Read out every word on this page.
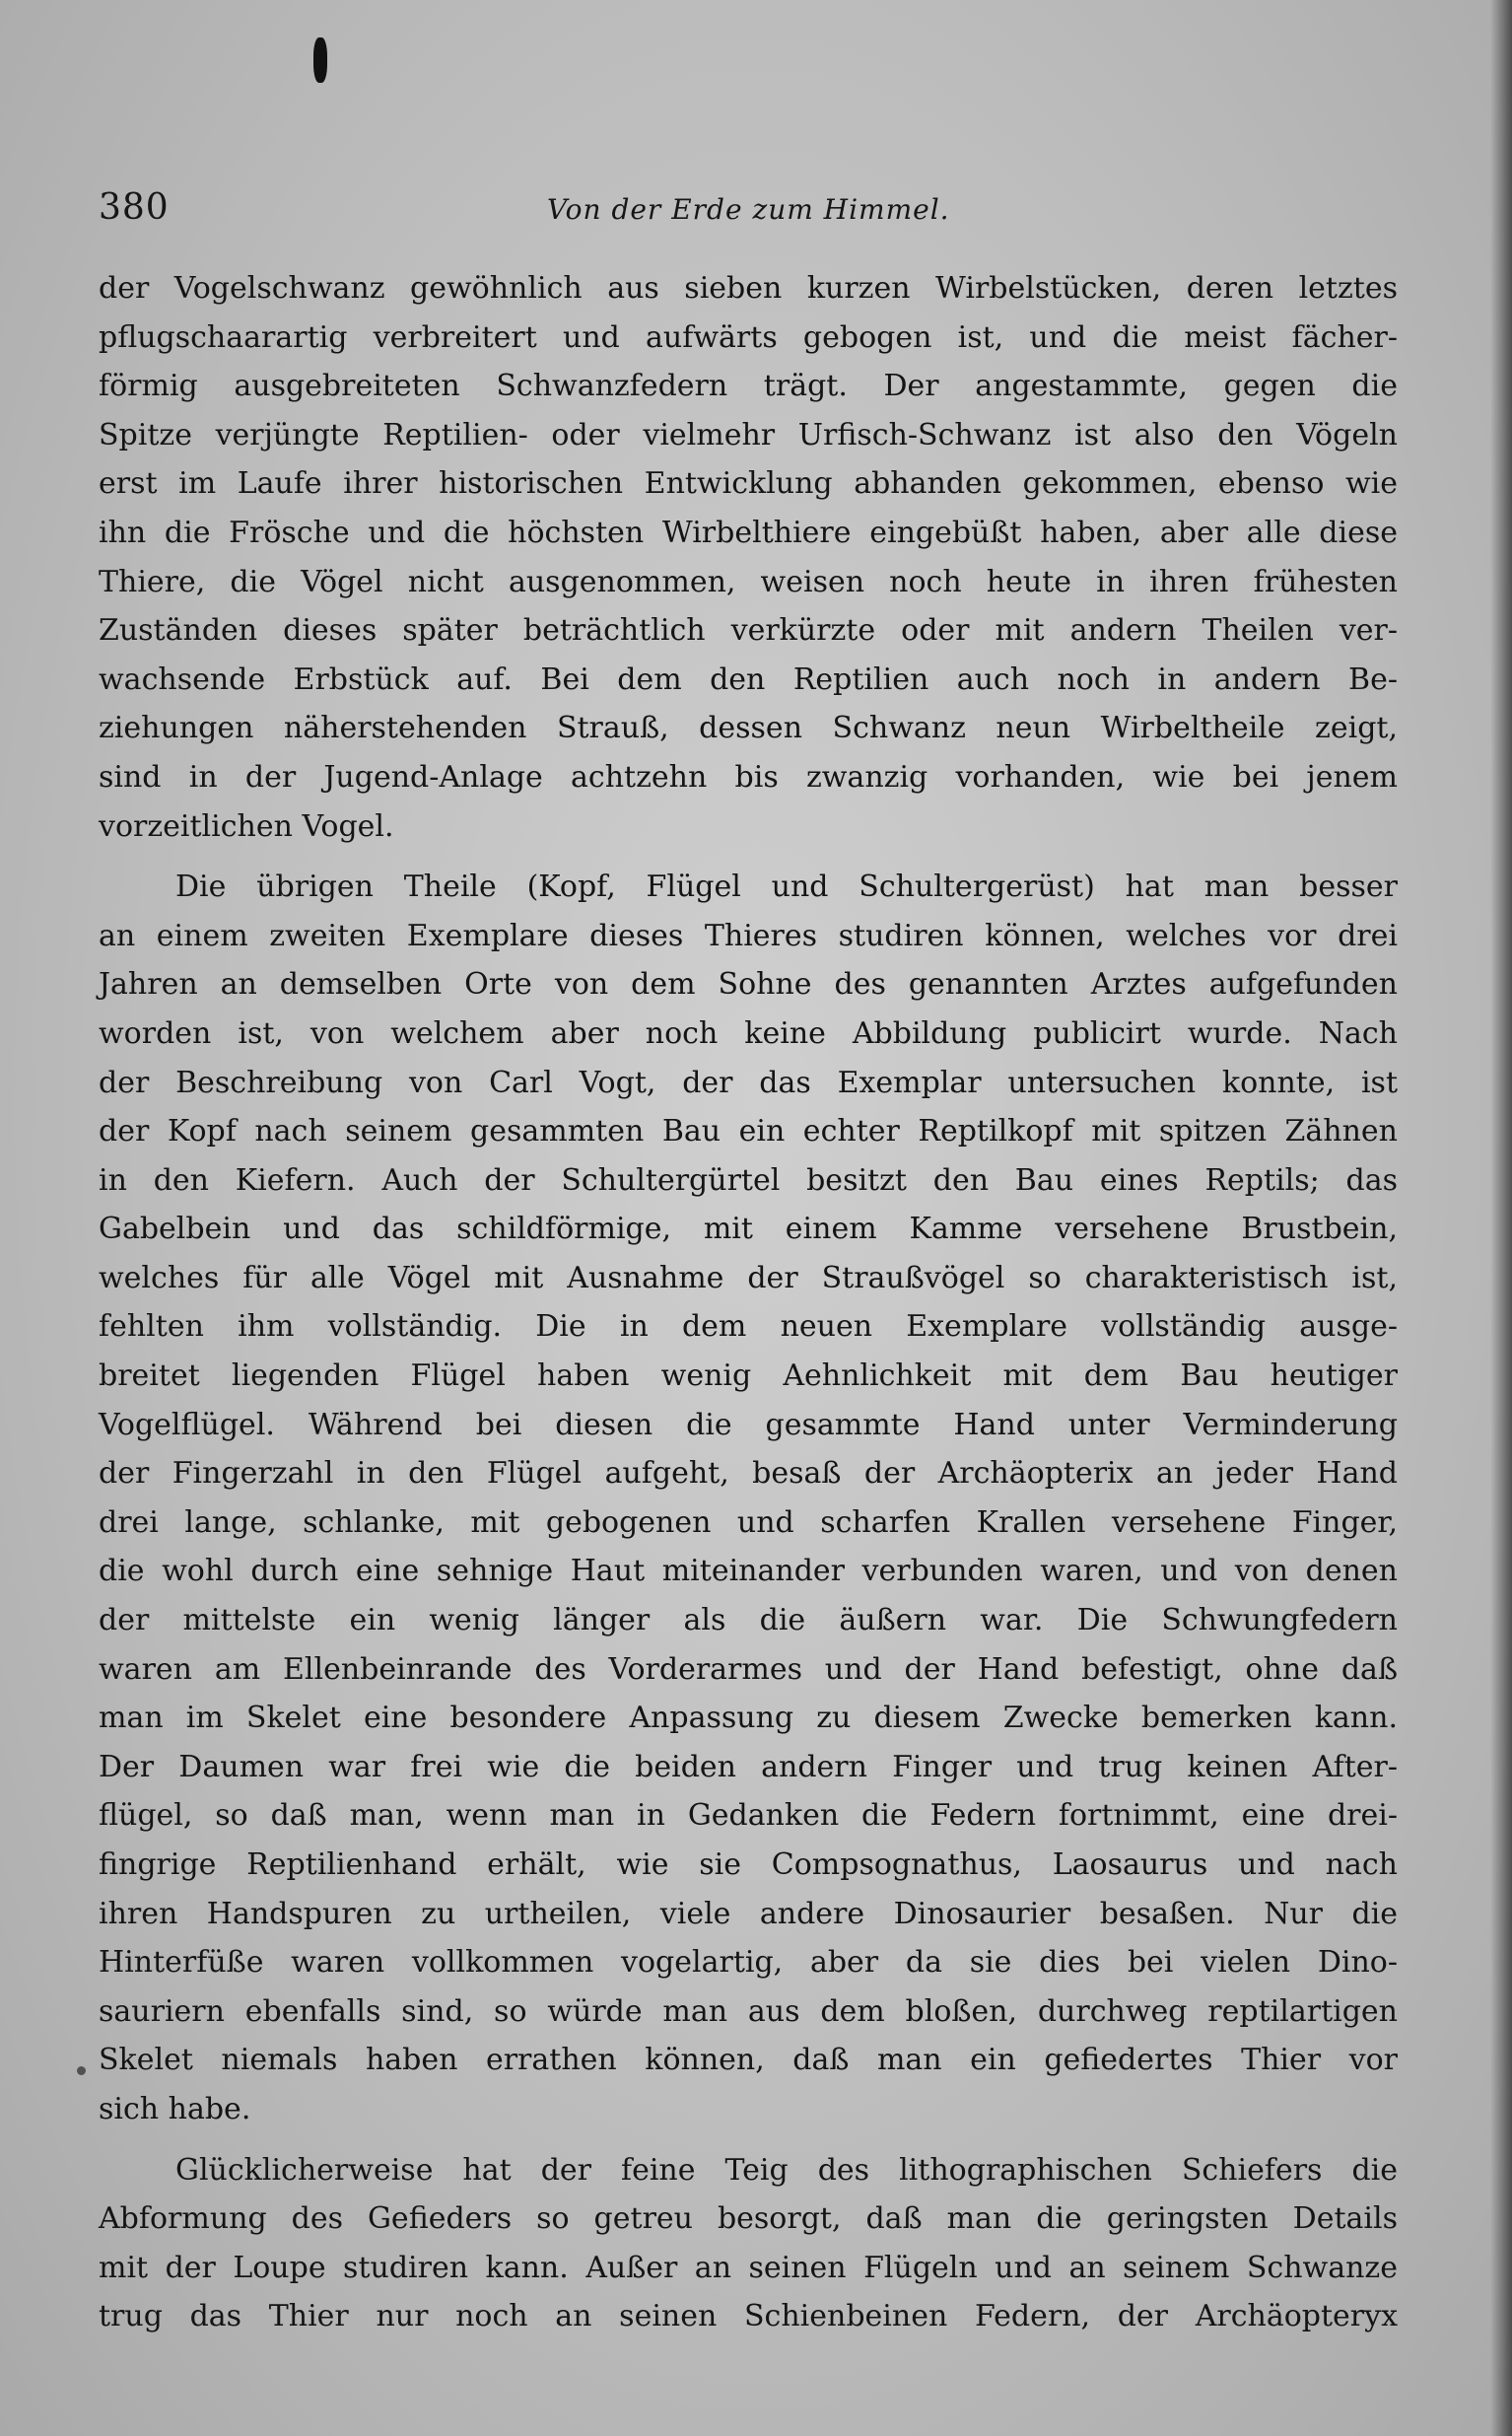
380	Von der Erde zum Himmel.

der Vogelschwanz gewöhnlich aus sieben kurzen Wirbelstücken, deren letztes
pflugschaarartig verbreitert und aufwärts gebogen ist, und die meist fächer-
förmig ausgebreiteten Schwanzfedern trägt. Der angestammte, gegen die
Spitze verjüngte Reptilien- oder vielmehr Urfisch-Schwanz ist also den Vögeln
erst im Laufe ihrer historischen Entwicklung abhanden gekommen, ebenso wie
ihn die Frösche und die höchsten Wirbelthiere eingebüßt haben, aber alle diese
Thiere, die Vögel nicht ausgenommen, weisen noch heute in ihren frühesten
Zuständen dieses später beträchtlich verkürzte oder mit andern Theilen ver-
wachsende Erbstück auf. Bei dem den Reptilien auch noch in andern Be-
ziehungen näherstehenden Strauß, dessen Schwanz neun Wirbeltheile zeigt,
sind in der Jugend-Anlage achtzehn bis zwanzig vorhanden, wie bei jenem
vorzeitlichen Vogel.

Die übrigen Theile (Kopf, Flügel und Schultergerüst) hat man besser
an einem zweiten Exemplare dieses Thieres studiren können, welches vor drei
Jahren an demselben Orte von dem Sohne des genannten Arztes aufgefunden
worden ist, von welchem aber noch keine Abbildung publicirt wurde. Nach
der Beschreibung von Carl Vogt, der das Exemplar untersuchen konnte, ist
der Kopf nach seinem gesammten Bau ein echter Reptilkopf mit spitzen Zähnen
in den Kiefern. Auch der Schultergürtel besitzt den Bau eines Reptils; das
Gabelbein und das schildförmige, mit einem Kamme versehene Brustbein,
welches für alle Vögel mit Ausnahme der Straußvögel so charakteristisch ist,
fehlten ihm vollständig. Die in dem neuen Exemplare vollständig ausge-
breitet liegenden Flügel haben wenig Aehnlichkeit mit dem Bau heutiger
Vogelflügel. Während bei diesen die gesammte Hand unter Verminderung
der Fingerzahl in den Flügel aufgeht, besaß der Archäopterix an jeder Hand
drei lange, schlanke, mit gebogenen und scharfen Krallen versehene Finger,
die wohl durch eine sehnige Haut miteinander verbunden waren, und von denen
der mittelste ein wenig länger als die äußern war. Die Schwungfedern
waren am Ellenbeinrande des Vorderarmes und der Hand befestigt, ohne daß
man im Skelet eine besondere Anpassung zu diesem Zwecke bemerken kann.
Der Daumen war frei wie die beiden andern Finger und trug keinen After-
flügel, so daß man, wenn man in Gedanken die Federn fortnimmt, eine drei-
fingrige Reptilienhand erhält, wie sie Compsognathus, Laosaurus und nach
ihren Handspuren zu urtheilen, viele andere Dinosaurier besaßen. Nur die
Hinterfüße waren vollkommen vogelartig, aber da sie dies bei vielen Dino-
sauriern ebenfalls sind, so würde man aus dem bloßen, durchweg reptilartigen
Skelet niemals haben errathen können, daß man ein gefiedertes Thier vor
sich habe.

Glücklicherweise hat der feine Teig des lithographischen Schiefers die
Abformung des Gefieders so getreu besorgt, daß man die geringsten Details
mit der Loupe studiren kann. Außer an seinen Flügeln und an seinem Schwanze
trug das Thier nur noch an seinen Schienbeinen Federn, der Archäopteryx
